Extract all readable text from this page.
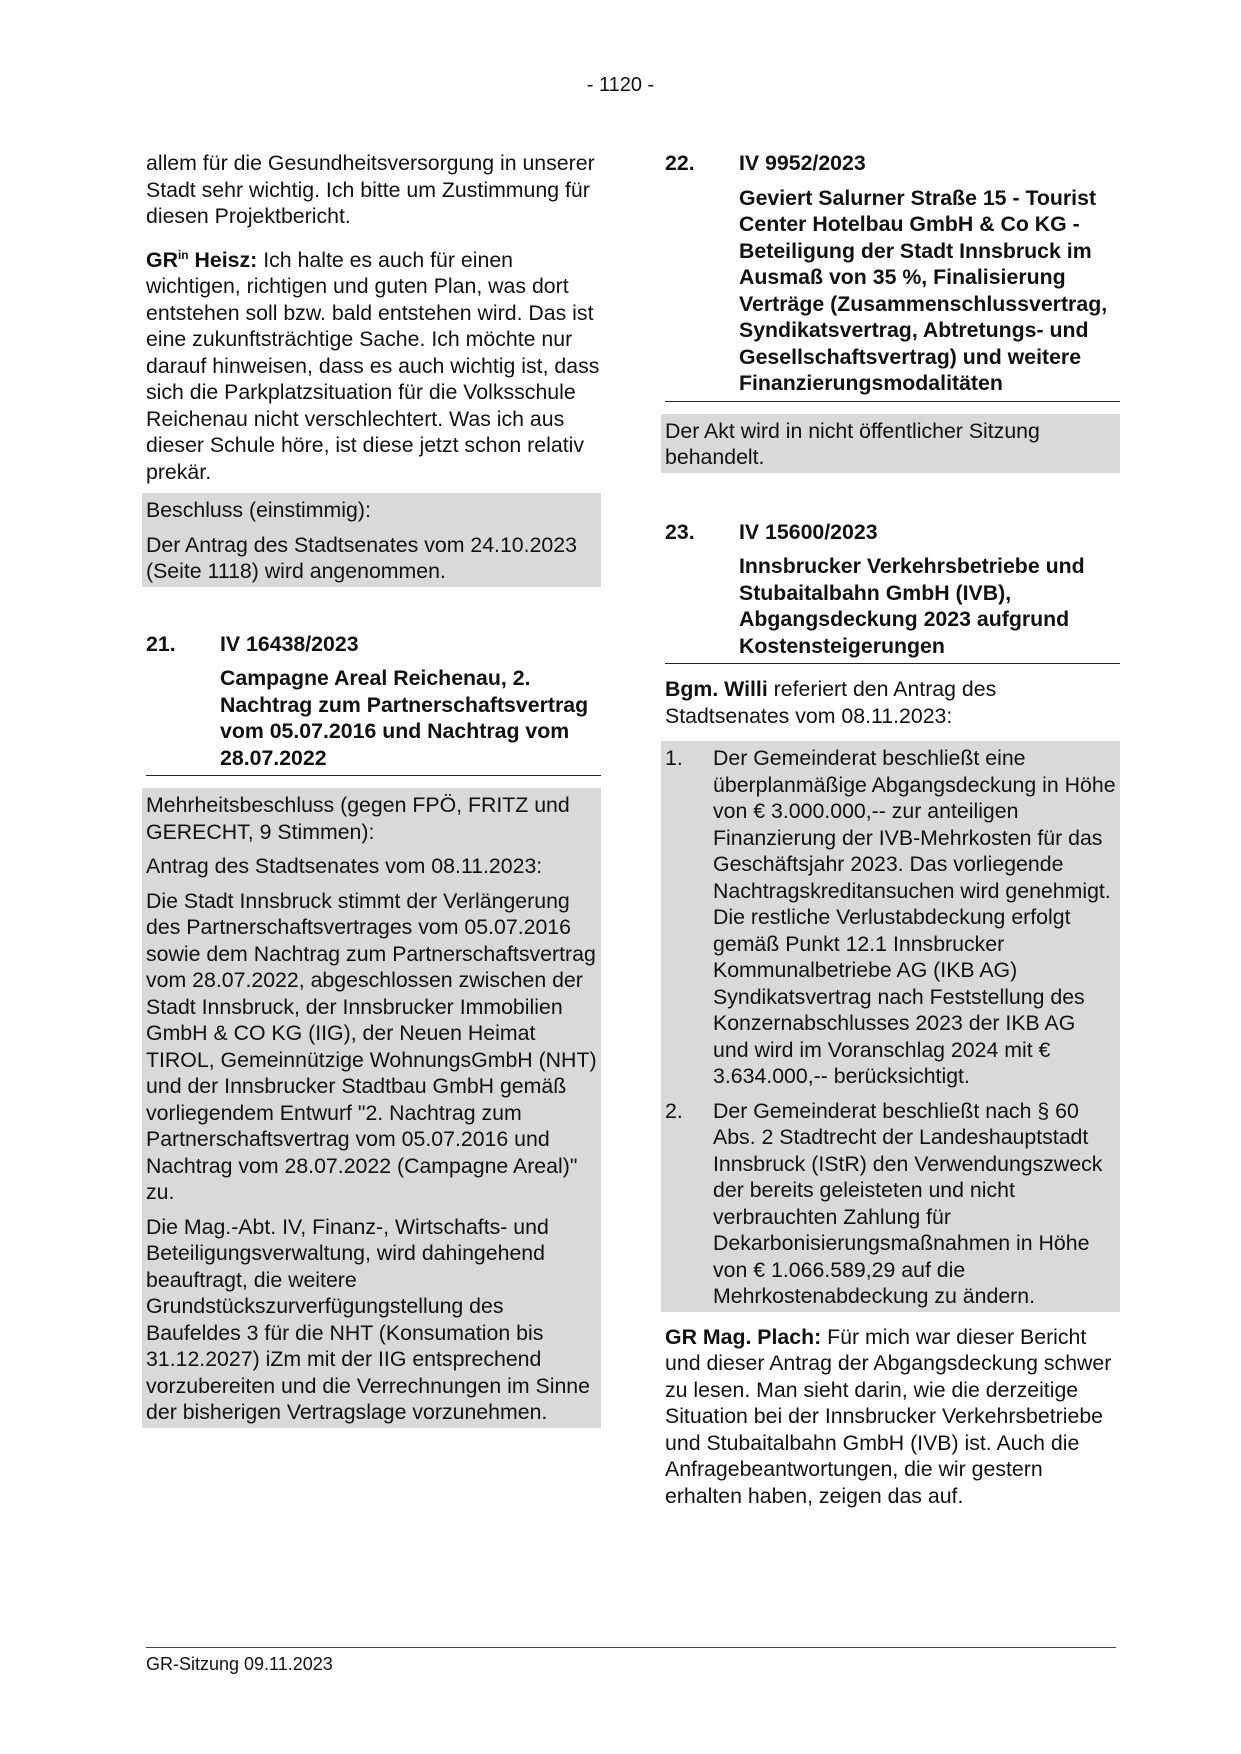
- 1120 -

allem für die Gesundheitsversorgung in unserer Stadt sehr wichtig. Ich bitte um Zustimmung für diesen Projektbericht.

$GR^{in}$ Heisz: Ich halte es auch für einen wichtigen, richtigen und guten Plan, was dort entstehen soll bzw. bald entstehen wird. Das ist eine zukunftsträchtige Sache. Ich möchte nur darauf hinweisen, dass es auch wichtig ist, dass sich die Parkplatzsituation für die Volksschule Reichenau nicht verschlechtert. Was ich aus dieser Schule höre, ist diese jetzt schon relativ prekär.

Beschluss (einstimmig):

Der Antrag des Stadtsenates vom 24.10.2023 (Seite 1118) wird angenommen.

21.	IV 16438/2023
Campagne Areal Reichenau, 2. Nachtrag zum Partnerschaftsvertrag vom 05.07.2016 und Nachtrag vom 28.07.2022

Mehrheitsbeschluss (gegen FPÖ, FRITZ und GERECHT, 9 Stimmen):

Antrag des Stadtsenates vom 08.11.2023:

Die Stadt Innsbruck stimmt der Verlängerung des Partnerschaftsvertrages vom 05.07.2016 sowie dem Nachtrag zum Partnerschaftsvertrag vom 28.07.2022, abgeschlossen zwischen der Stadt Innsbruck, der Innsbrucker Immobilien GmbH & CO KG (IIG), der Neuen Heimat TIROL, Gemeinnützige WohnungsGmbH (NHT) und der Innsbrucker Stadtbau GmbH gemäß vorliegendem Entwurf "2. Nachtrag zum Partnerschaftsvertrag vom 05.07.2016 und Nachtrag vom 28.07.2022 (Campagne Areal)" zu.

Die Mag.-Abt. IV, Finanz-, Wirtschafts- und Beteiligungsverwaltung, wird dahingehend beauftragt, die weitere Grundstückszurverfügungstellung des Baufeldes 3 für die NHT (Konsumation bis 31.12.2027) iZm mit der IIG entsprechend vorzubereiten und die Verrechnungen im Sinne der bisherigen Vertragslage vorzunehmen.

22.	IV 9952/2023
Geviert Salurner Straße 15 - Tourist Center Hotelbau GmbH & Co KG - Beteiligung der Stadt Innsbruck im Ausmaß von 35 %, Finalisierung Verträge (Zusammenschlussvertrag, Syndikatsvertrag, Abtretungs- und Gesellschaftsvertrag) und weitere Finanzierungsmodalitäten

Der Akt wird in nicht öffentlicher Sitzung behandelt.

23.	IV 15600/2023
Innsbrucker Verkehrsbetriebe und Stubaitalbahn GmbH (IVB), Abgangsdeckung 2023 aufgrund Kostensteigerungen

Bgm. Willi referiert den Antrag des Stadtsenates vom 08.11.2023:

1.	Der Gemeinderat beschließt eine überplanmäßige Abgangsdeckung in Höhe von € 3.000.000,-- zur anteiligen Finanzierung der IVB-Mehrkosten für das Geschäftsjahr 2023. Das vorliegende Nachtragskreditansuchen wird genehmigt. Die restliche Verlustabdeckung erfolgt gemäß Punkt 12.1 Innsbrucker Kommunalbetriebe AG (IKB AG) Syndikatsvertrag nach Feststellung des Konzernabschlusses 2023 der IKB AG und wird im Voranschlag 2024 mit € 3.634.000,-- berücksichtigt.
2.	Der Gemeinderat beschließt nach § 60 Abs. 2 Stadtrecht der Landeshauptstadt Innsbruck (IStR) den Verwendungszweck der bereits geleisteten und nicht verbrauchten Zahlung für Dekarbonisierungsmaßnahmen in Höhe von € 1.066.589,29 auf die Mehrkostenabdeckung zu ändern.

GR Mag. Plach: Für mich war dieser Bericht und dieser Antrag der Abgangsdeckung schwer zu lesen. Man sieht darin, wie die derzeitige Situation bei der Innsbrucker Verkehrsbetriebe und Stubaitalbahn GmbH (IVB) ist. Auch die Anfragebeantwortungen, die wir gestern erhalten haben, zeigen das auf.

GR-Sitzung 09.11.2023
